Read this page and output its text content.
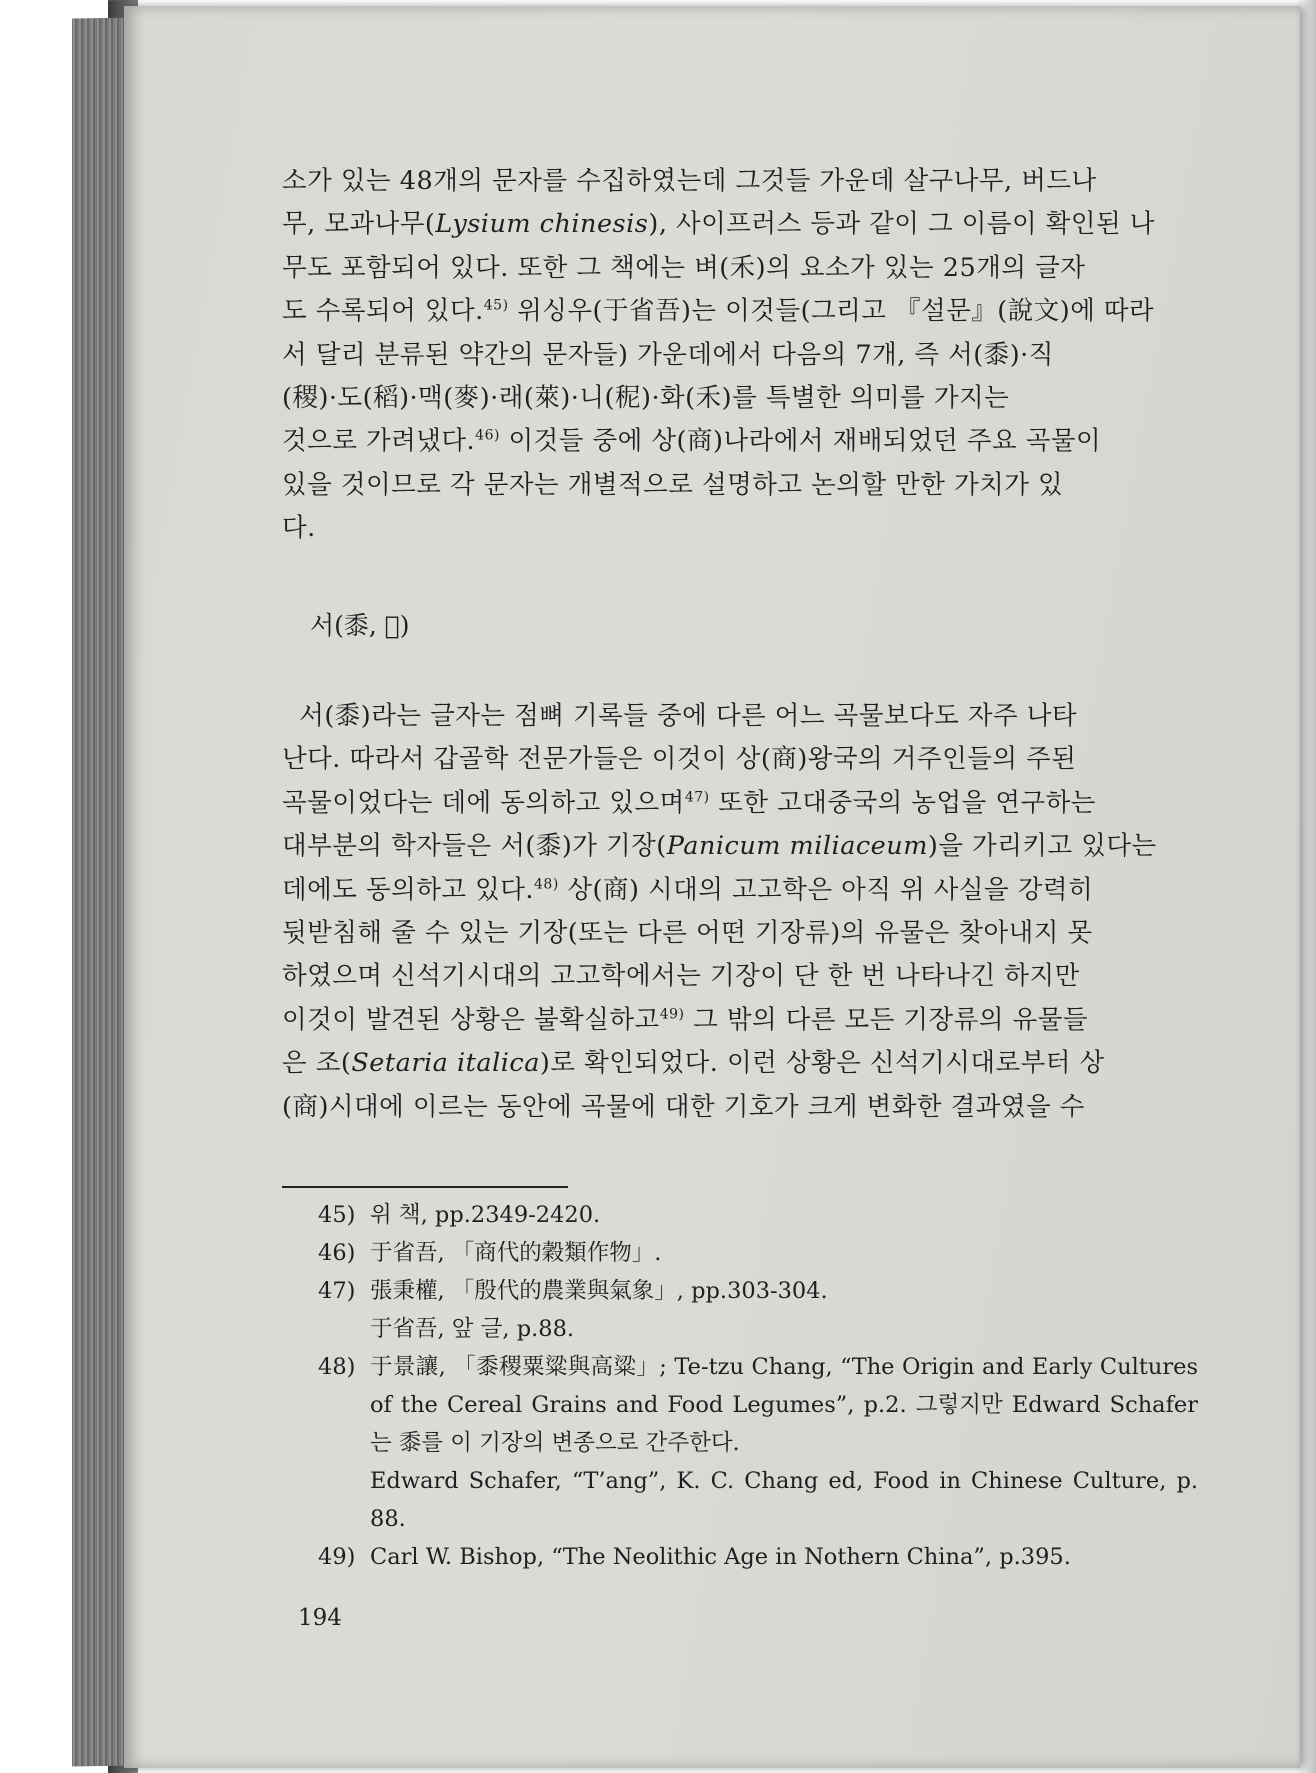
소가 있는 48개의 문자를 수집하였는데 그것들 가운데 살구나무, 버드나

무, 모과나무(Lysium chinesis), 사이프러스 등과 같이 그 이름이 확인된 나

무도 포함되어 있다. 또한 그 책에는 벼(禾)의 요소가 있는 25개의 글자

도 수록되어 있다.$^{45)}$ 위싱우(于省吾)는 이것들(그리고 『설문』(說文)에 따라

서 달리 분류된 약간의 문자들) 가운데에서 다음의 7개, 즉 서(黍)·직

(稷)·도(稻)·맥(麥)·래(萊)·니(秜)·화(禾)를 특별한 의미를 가지는

것으로 가려냈다.$^{46)}$ 이것들 중에 상(商)나라에서 재배되었던 주요 곡물이

있을 것이므로 각 문자는 개별적으로 설명하고 논의할 만한 가치가 있

다.

서(黍, 𥞤)

서(黍)라는 글자는 점뼈 기록들 중에 다른 어느 곡물보다도 자주 나타

난다. 따라서 갑골학 전문가들은 이것이 상(商)왕국의 거주인들의 주된

곡물이었다는 데에 동의하고 있으며$^{47)}$ 또한 고대중국의 농업을 연구하는

대부분의 학자들은 서(黍)가 기장(Panicum miliaceum)을 가리키고 있다는

데에도 동의하고 있다.$^{48)}$ 상(商) 시대의 고고학은 아직 위 사실을 강력히

뒷받침해 줄 수 있는 기장(또는 다른 어떤 기장류)의 유물은 찾아내지 못

하였으며 신석기시대의 고고학에서는 기장이 단 한 번 나타나긴 하지만

이것이 발견된 상황은 불확실하고$^{49)}$ 그 밖의 다른 모든 기장류의 유물들

은 조(Setaria italica)로 확인되었다. 이런 상황은 신석기시대로부터 상

(商)시대에 이르는 동안에 곡물에 대한 기호가 크게 변화한 결과였을 수

45) 위 책, pp.2349-2420.
46) 于省吾, 「商代的穀類作物」.
47) 張秉權, 「殷代的農業與氣象」, pp.303-304.
于省吾, 앞 글, p.88.
48) 于景讓, 「黍稷粟粱與高粱」; Te-tzu Chang, “The Origin and Early Cultures of the Cereal Grains and Food Legumes”, p.2. 그렇지만 Edward Schafer는 黍를 이 기장의 변종으로 간주한다.
Edward Schafer, “T’ang”, K. C. Chang ed, Food in Chinese Culture, p. 88.
49) Carl W. Bishop, “The Neolithic Age in Nothern China”, p.395.
194
